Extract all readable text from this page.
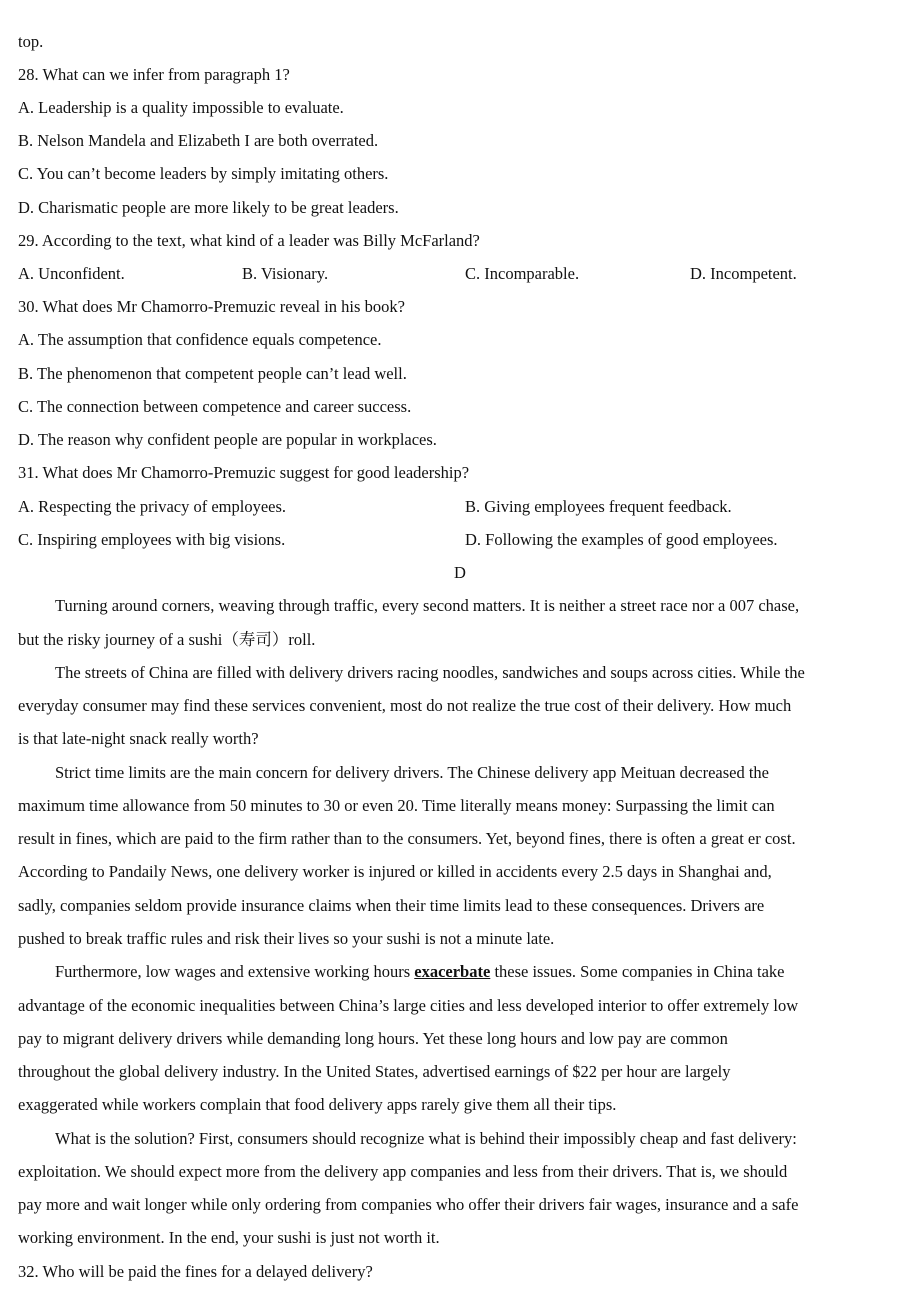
top.
28. What can we infer from paragraph 1?
A. Leadership is a quality impossible to evaluate.
B. Nelson Mandela and Elizabeth I are both overrated.
C. You can’t become leaders by simply imitating others.
D. Charismatic people are more likely to be great leaders.
29. According to the text, what kind of a leader was Billy McFarland?
A. Unconfident.	B. Visionary.	C. Incomparable.	D. Incompetent.
30. What does Mr Chamorro-Premuzic reveal in his book?
A. The assumption that confidence equals competence.
B. The phenomenon that competent people can’t lead well.
C. The connection between competence and career success.
D. The reason why confident people are popular in workplaces.
31. What does Mr Chamorro-Premuzic suggest for good leadership?
A. Respecting the privacy of employees.	B. Giving employees frequent feedback.
C. Inspiring employees with big visions.	D. Following the examples of good employees.
D
Turning around corners, weaving through traffic, every second matters. It is neither a street race nor a 007 chase,
but the risky journey of a sushi（寿司）roll.
The streets of China are filled with delivery drivers racing noodles, sandwiches and soups across cities. While the
everyday consumer may find these services convenient, most do not realize the true cost of their delivery. How much
is that late-night snack really worth?
Strict time limits are the main concern for delivery drivers. The Chinese delivery app Meituan decreased the
maximum time allowance from 50 minutes to 30 or even 20. Time literally means money: Surpassing the limit can
result in fines, which are paid to the firm rather than to the consumers. Yet, beyond fines, there is often a great er cost.
According to Pandaily News, one delivery worker is injured or killed in accidents every 2.5 days in Shanghai and,
sadly, companies seldom provide insurance claims when their time limits lead to these consequences. Drivers are
pushed to break traffic rules and risk their lives so your sushi is not a minute late.
Furthermore, low wages and extensive working hours exacerbate these issues. Some companies in China take
advantage of the economic inequalities between China’s large cities and less developed interior to offer extremely low
pay to migrant delivery drivers while demanding long hours. Yet these long hours and low pay are common
throughout the global delivery industry. In the United States, advertised earnings of $22 per hour are largely
exaggerated while workers complain that food delivery apps rarely give them all their tips.
What is the solution? First, consumers should recognize what is behind their impossibly cheap and fast delivery:
exploitation. We should expect more from the delivery app companies and less from their drivers. That is, we should
pay more and wait longer while only ordering from companies who offer their drivers fair wages, insurance and a safe
working environment. In the end, your sushi is just not worth it.
32. Who will be paid the fines for a delayed delivery?
